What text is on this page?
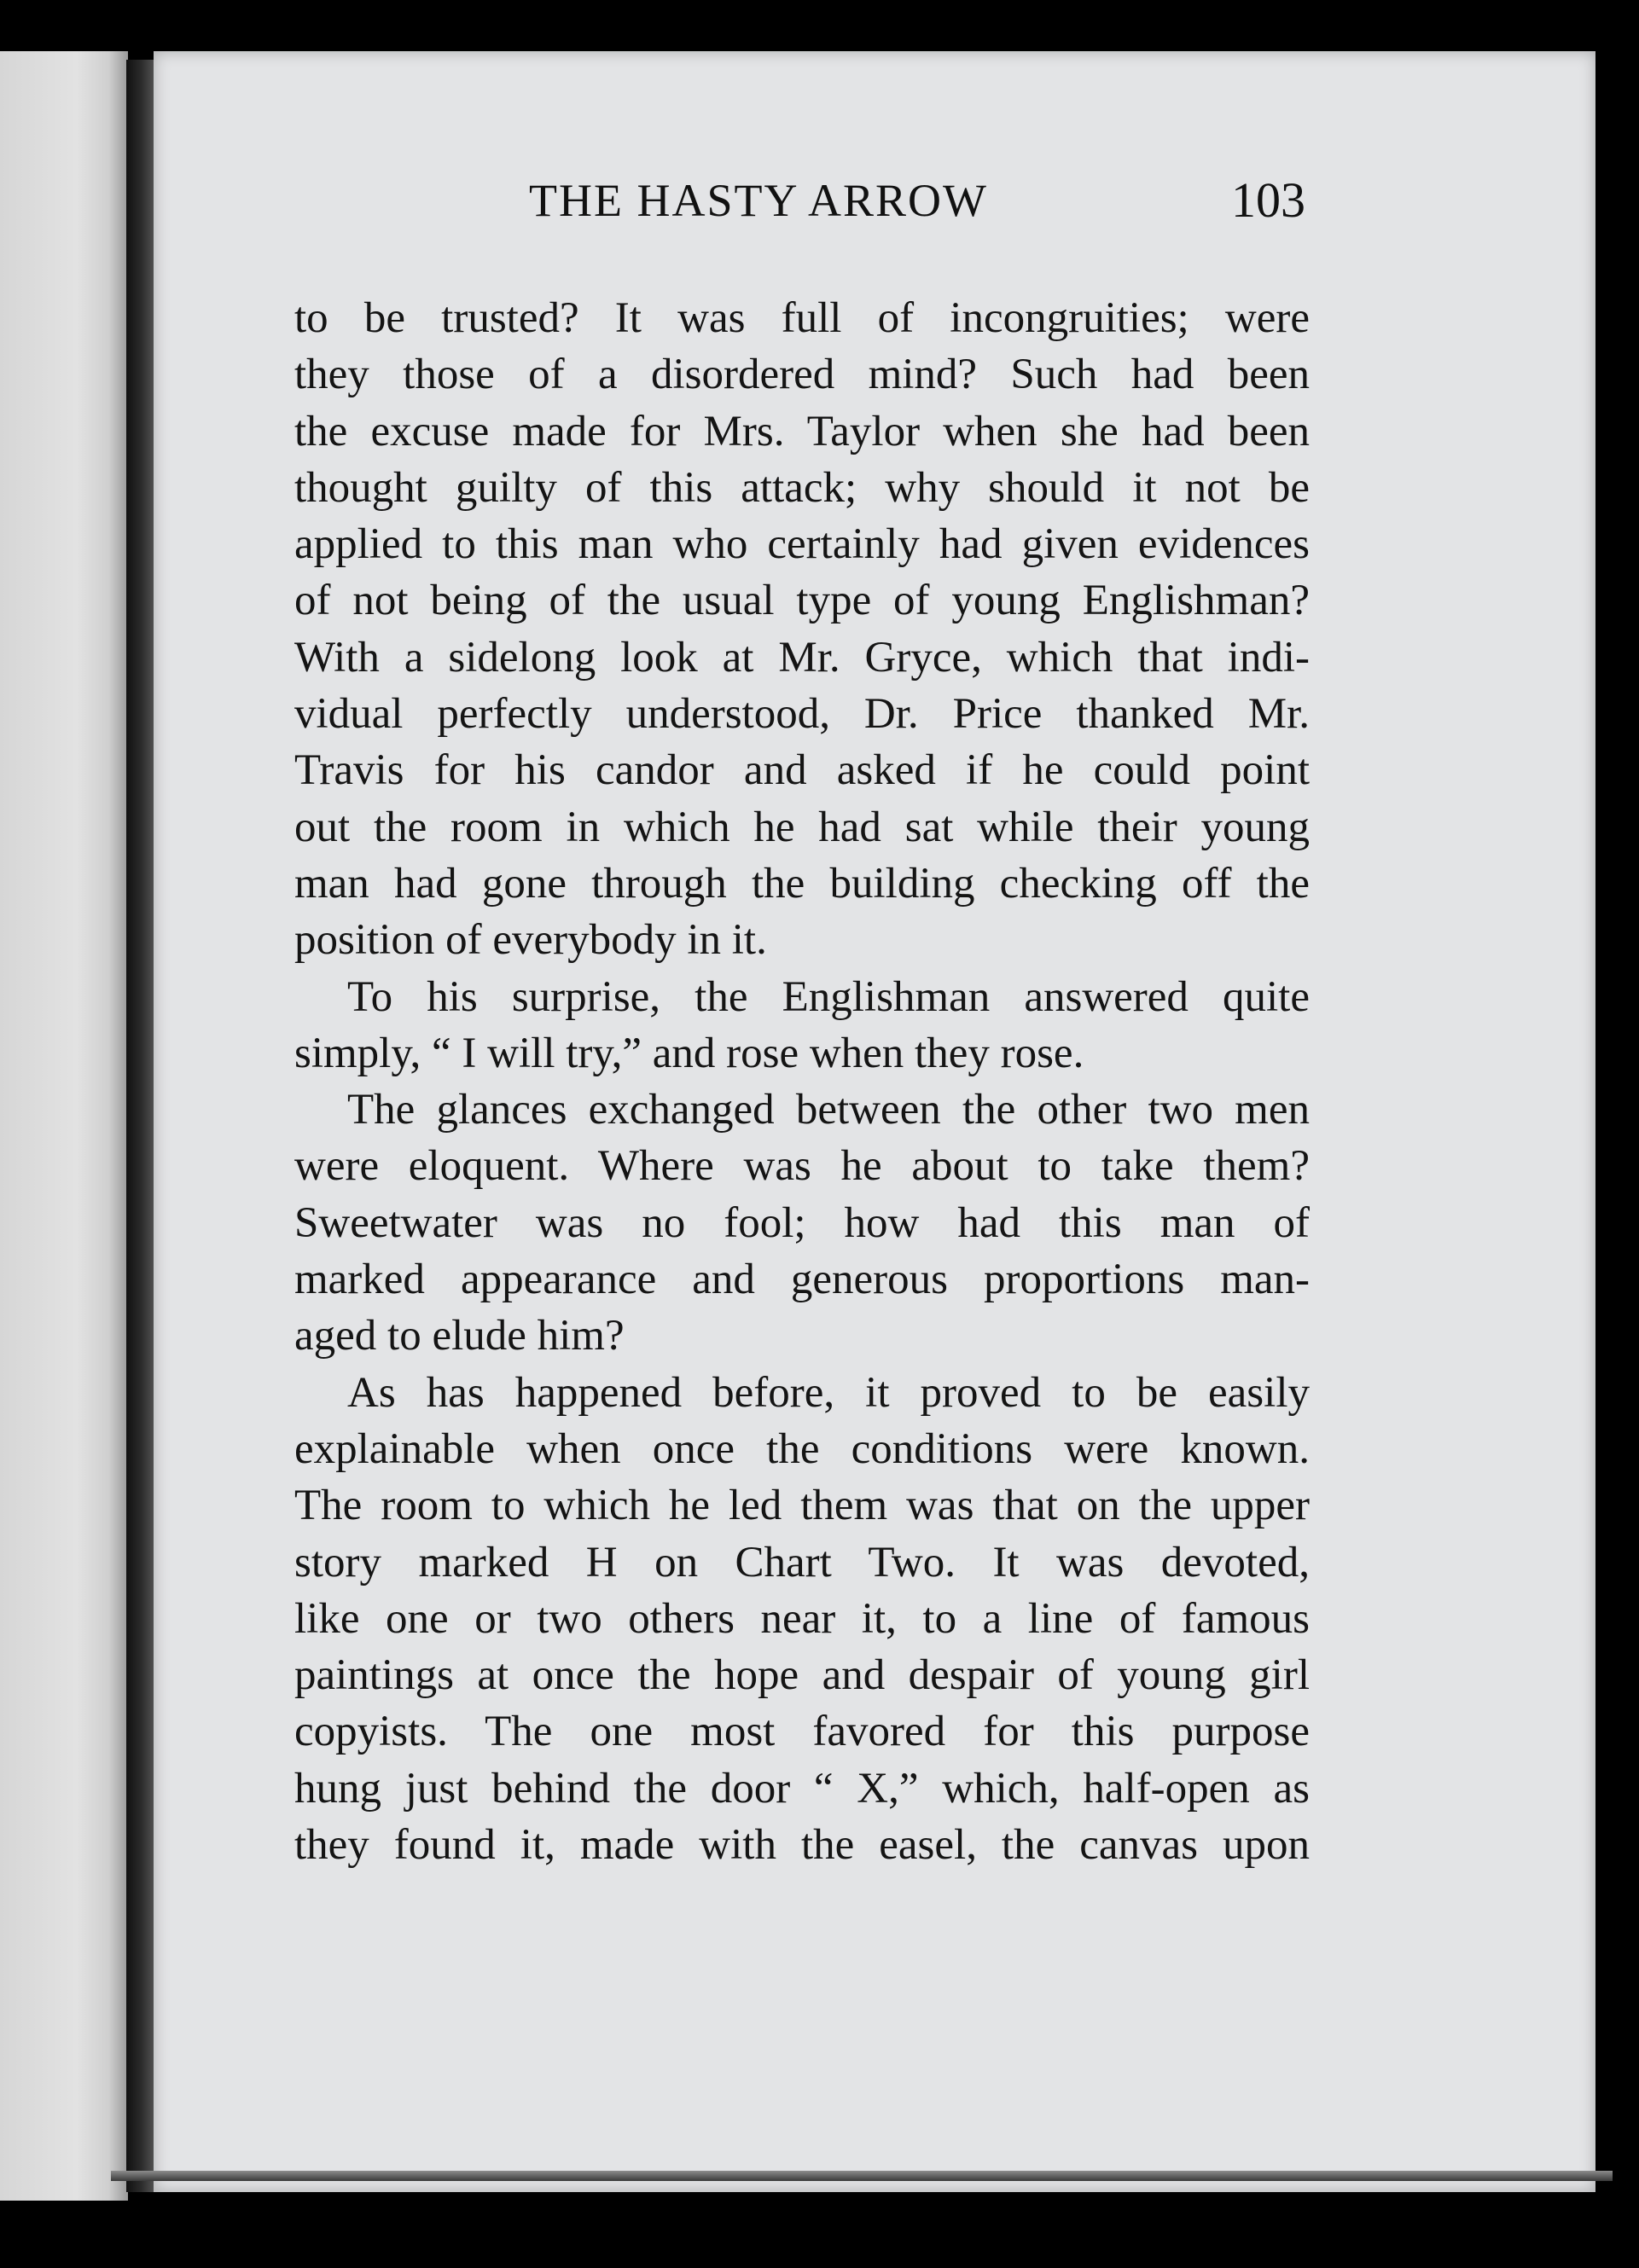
THE HASTY ARROW	103

to be trusted? It was full of incongruities; were
they those of a disordered mind? Such had been
the excuse made for Mrs. Taylor when she had been
thought guilty of this attack; why should it not be
applied to this man who certainly had given evidences
of not being of the usual type of young Englishman?
With a sidelong look at Mr. Gryce, which that indi-
vidual perfectly understood, Dr. Price thanked Mr.
Travis for his candor and asked if he could point
out the room in which he had sat while their young
man had gone through the building checking off the
position of everybody in it.

To his surprise, the Englishman answered quite
simply, “ I will try,” and rose when they rose.

The glances exchanged between the other two men
were eloquent. Where was he about to take them?
Sweetwater was no fool; how had this man of
marked appearance and generous proportions man-
aged to elude him?

As has happened before, it proved to be easily
explainable when once the conditions were known.
The room to which he led them was that on the upper
story marked H on Chart Two. It was devoted,
like one or two others near it, to a line of famous
paintings at once the hope and despair of young girl
copyists. The one most favored for this purpose
hung just behind the door “ X,” which, half-open as
they found it, made with the easel, the canvas upon
